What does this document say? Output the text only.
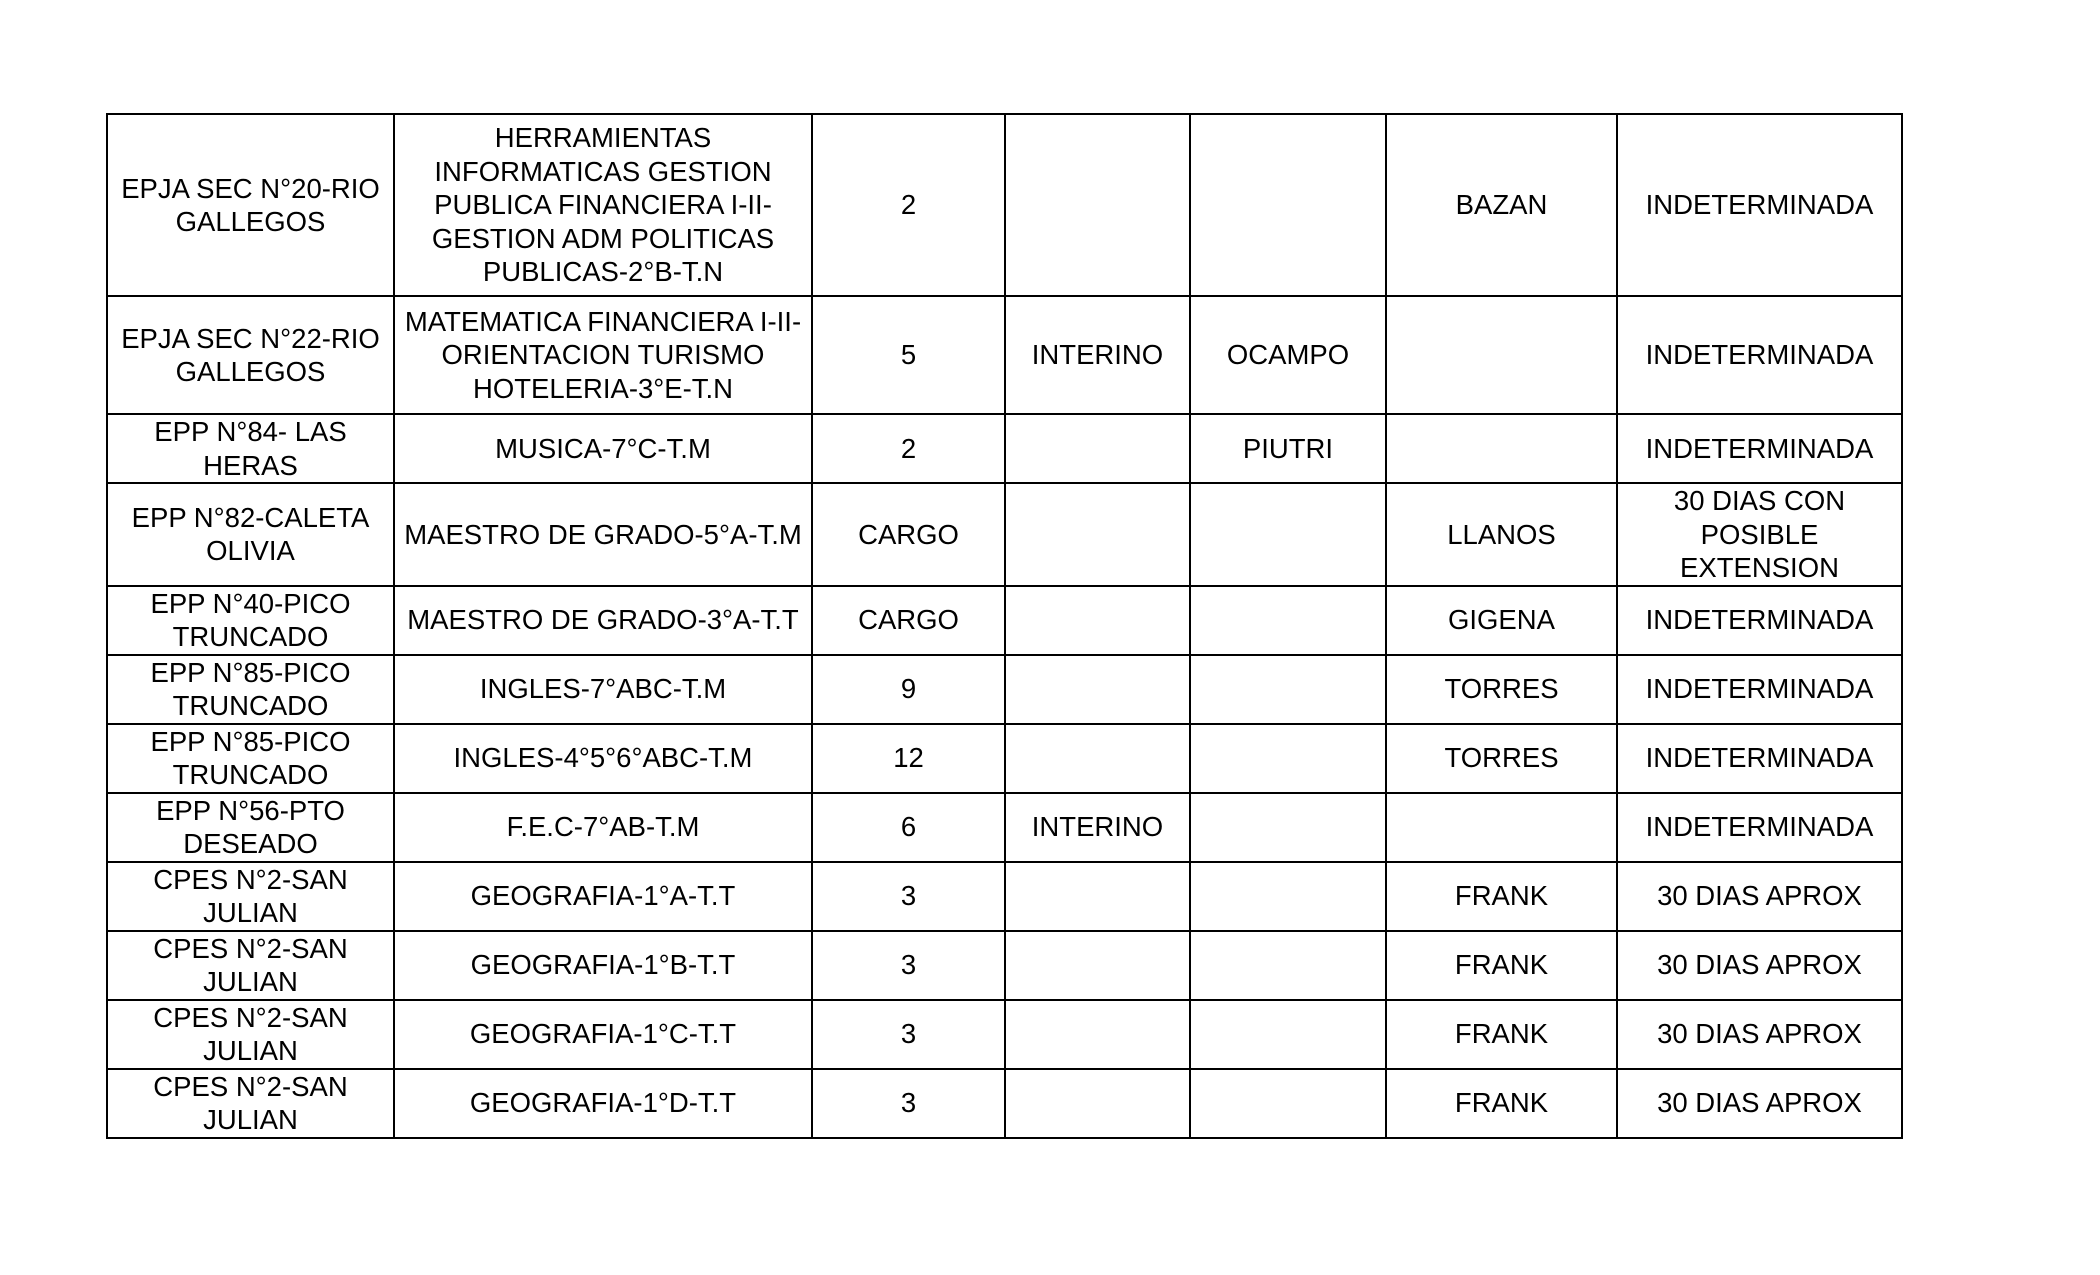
EPJA SEC N°20-RIO GALLEGOS	HERRAMIENTAS INFORMATICAS GESTION PUBLICA FINANCIERA I-II-GESTION ADM POLITICAS PUBLICAS-2°B-T.N	2			BAZAN	INDETERMINADA
EPJA SEC N°22-RIO GALLEGOS	MATEMATICA FINANCIERA I-II-ORIENTACION TURISMO HOTELERIA-3°E-T.N	5	INTERINO	OCAMPO		INDETERMINADA
EPP N°84- LAS HERAS	MUSICA-7°C-T.M	2		PIUTRI		INDETERMINADA
EPP N°82-CALETA OLIVIA	MAESTRO DE GRADO-5°A-T.M	CARGO			LLANOS	30 DIAS CON POSIBLE EXTENSION
EPP N°40-PICO TRUNCADO	MAESTRO DE GRADO-3°A-T.T	CARGO			GIGENA	INDETERMINADA
EPP N°85-PICO TRUNCADO	INGLES-7°ABC-T.M	9			TORRES	INDETERMINADA
EPP N°85-PICO TRUNCADO	INGLES-4°5°6°ABC-T.M	12			TORRES	INDETERMINADA
EPP N°56-PTO DESEADO	F.E.C-7°AB-T.M	6	INTERINO			INDETERMINADA
CPES N°2-SAN JULIAN	GEOGRAFIA-1°A-T.T	3			FRANK	30 DIAS APROX
CPES N°2-SAN JULIAN	GEOGRAFIA-1°B-T.T	3			FRANK	30 DIAS APROX
CPES N°2-SAN JULIAN	GEOGRAFIA-1°C-T.T	3			FRANK	30 DIAS APROX
CPES N°2-SAN JULIAN	GEOGRAFIA-1°D-T.T	3			FRANK	30 DIAS APROX
